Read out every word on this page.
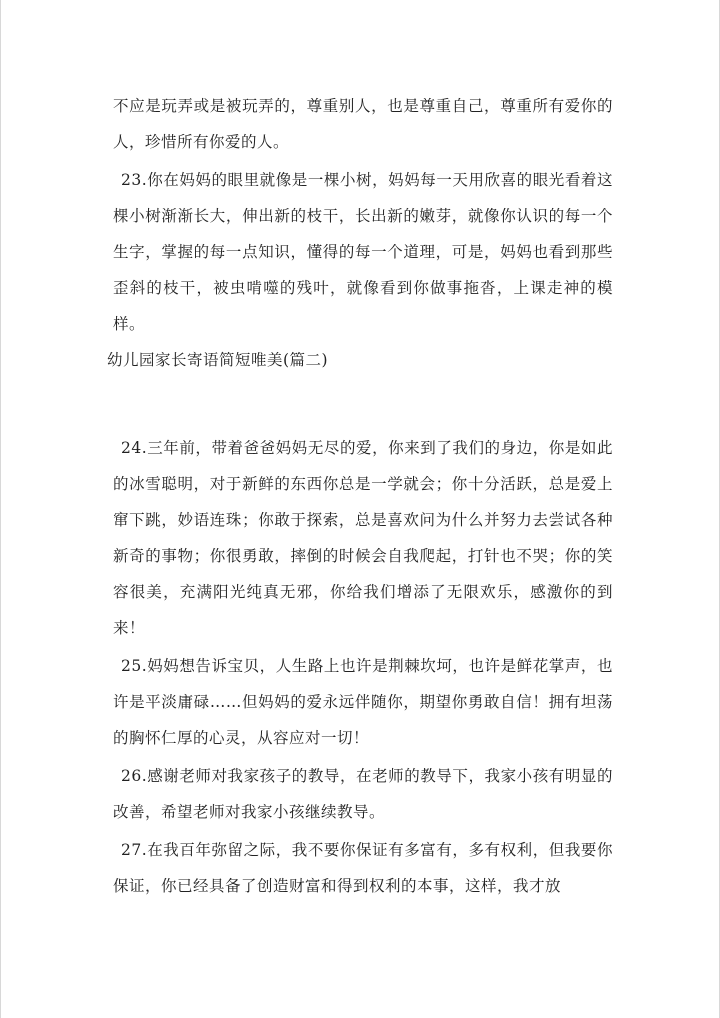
不应是玩弄或是被玩弄的，尊重别人，也是尊重自己，尊重所有爱你的人，珍惜所有你爱的人。

23.你在妈妈的眼里就像是一棵小树，妈妈每一天用欣喜的眼光看着这棵小树渐渐长大，伸出新的枝干，长出新的嫩芽，就像你认识的每一个生字，掌握的每一点知识，懂得的每一个道理，可是，妈妈也看到那些歪斜的枝干，被虫啃噬的残叶，就像看到你做事拖沓，上课走神的模样。

幼儿园家长寄语简短唯美(篇二)

24.三年前，带着爸爸妈妈无尽的爱，你来到了我们的身边，你是如此的冰雪聪明，对于新鲜的东西你总是一学就会；你十分活跃，总是爱上窜下跳，妙语连珠；你敢于探索，总是喜欢问为什么并努力去尝试各种新奇的事物；你很勇敢，摔倒的时候会自我爬起，打针也不哭；你的笑容很美，充满阳光纯真无邪，你给我们增添了无限欢乐，感激你的到来！

25.妈妈想告诉宝贝，人生路上也许是荆棘坎坷，也许是鲜花掌声，也许是平淡庸碌……但妈妈的爱永远伴随你，期望你勇敢自信！拥有坦荡的胸怀仁厚的心灵，从容应对一切！

26.感谢老师对我家孩子的教导，在老师的教导下，我家小孩有明显的改善，希望老师对我家小孩继续教导。

27.在我百年弥留之际，我不要你保证有多富有，多有权利，但我要你保证，你已经具备了创造财富和得到权利的本事，这样，我才放
